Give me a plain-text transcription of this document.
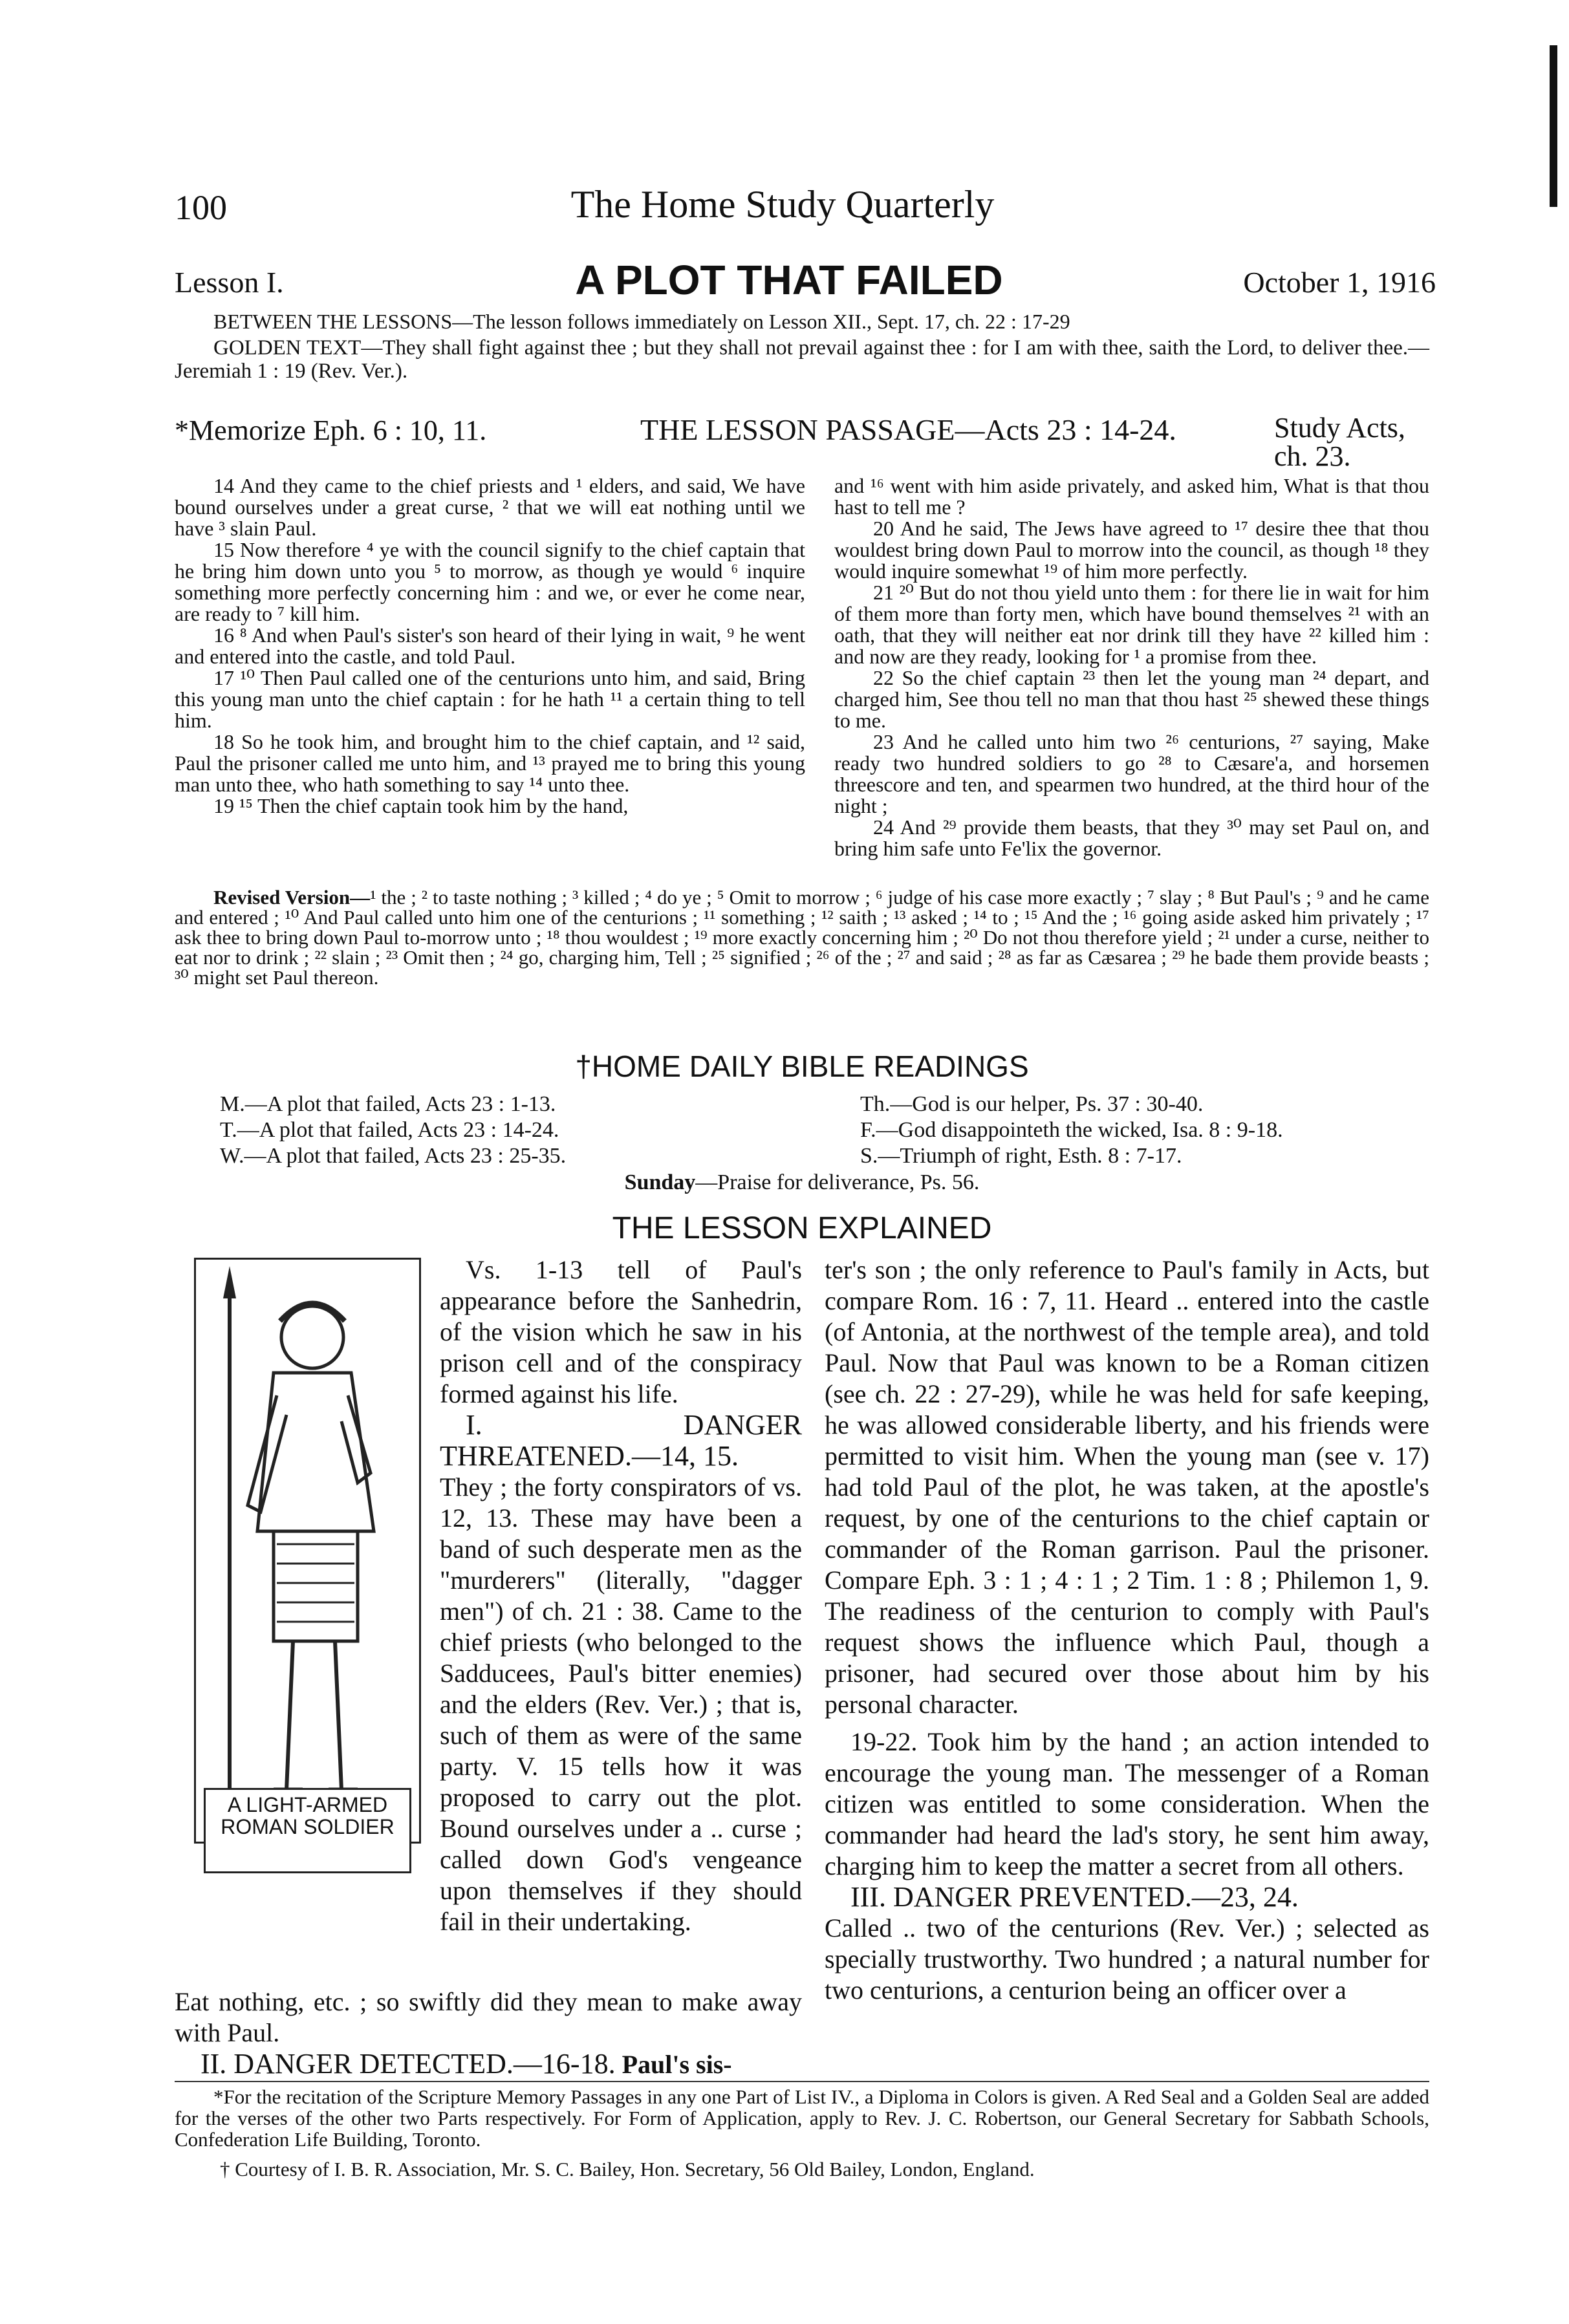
100	The Home Study Quarterly
Lesson I.	A PLOT THAT FAILED	October 1, 1916
BETWEEN THE LESSONS—The lesson follows immediately on Lesson XII., Sept. 17, ch. 22 : 17-29
GOLDEN TEXT—They shall fight against thee ; but they shall not prevail against thee : for I am with thee, saith the Lord, to deliver thee.—Jeremiah 1 : 19 (Rev. Ver.).
*Memorize Eph. 6 : 10, 11.	THE LESSON PASSAGE—Acts 23 : 14-24.	Study Acts, ch. 23.

14 And they came to the chief priests and ¹ elders, and said, We have bound ourselves under a great curse, ² that we will eat nothing until we have ³ slain Paul.

15 Now therefore ⁴ ye with the council signify to the chief captain that he bring him down unto you ⁵ to morrow, as though ye would ⁶ inquire something more perfectly concerning him : and we, or ever he come near, are ready to ⁷ kill him.

16 ⁸ And when Paul's sister's son heard of their lying in wait, ⁹ he went and entered into the castle, and told Paul.

17 ¹⁰ Then Paul called one of the centurions unto him, and said, Bring this young man unto the chief captain : for he hath ¹¹ a certain thing to tell him.

18 So he took him, and brought him to the chief captain, and ¹² said, Paul the prisoner called me unto him, and ¹³ prayed me to bring this young man unto thee, who hath something to say ¹⁴ unto thee.

19 ¹⁵ Then the chief captain took him by the hand,

and ¹⁶ went with him aside privately, and asked him, What is that thou hast to tell me ?

20 And he said, The Jews have agreed to ¹⁷ desire thee that thou wouldest bring down Paul to morrow into the council, as though ¹⁸ they would inquire somewhat ¹⁹ of him more perfectly.

21 ²⁰ But do not thou yield unto them : for there lie in wait for him of them more than forty men, which have bound themselves ²¹ with an oath, that they will neither eat nor drink till they have ²² killed him : and now are they ready, looking for ¹ a promise from thee.

22 So the chief captain ²³ then let the young man ²⁴ depart, and charged him, See thou tell no man that thou hast ²⁵ shewed these things to me.

23 And he called unto him two ²⁶ centurions, ²⁷ saying, Make ready two hundred soldiers to go ²⁸ to Cæsare'a, and horsemen threescore and ten, and spearmen two hundred, at the third hour of the night ;

24 And ²⁹ provide them beasts, that they ³⁰ may set Paul on, and bring him safe unto Fe'lix the governor.

Revised Version—¹ the ; ² to taste nothing ; ³ killed ; ⁴ do ye ; ⁵ Omit to morrow ; ⁶ judge of his case more exactly ; ⁷ slay ; ⁸ But Paul's ; ⁹ and he came and entered ; ¹⁰ And Paul called unto him one of the centurions ; ¹¹ something ; ¹² saith ; ¹³ asked ; ¹⁴ to ; ¹⁵ And the ; ¹⁶ going aside asked him privately ; ¹⁷ ask thee to bring down Paul to-morrow unto ; ¹⁸ thou wouldest ; ¹⁹ more exactly concerning him ; ²⁰ Do not thou therefore yield ; ²¹ under a curse, neither to eat nor to drink ; ²² slain ; ²³ Omit then ; ²⁴ go, charging him, Tell ; ²⁵ signified ; ²⁶ of the ; ²⁷ and said ; ²⁸ as far as Cæsarea ; ²⁹ he bade them provide beasts ; ³⁰ might set Paul thereon.
†HOME DAILY BIBLE READINGS
M.—A plot that failed, Acts 23 : 1-13.
T.—A plot that failed, Acts 23 : 14-24.
W.—A plot that failed, Acts 23 : 25-35.
Th.—God is our helper, Ps. 37 : 30-40.
F.—God disappointeth the wicked, Isa. 8 : 9-18.
S.—Triumph of right, Esth. 8 : 7-17.
Sunday—Praise for deliverance, Ps. 56.
THE LESSON EXPLAINED
A LIGHT-ARMED ROMAN SOLDIER

Vs. 1-13 tell of Paul's appearance before the Sanhedrin, of the vision which he saw in his prison cell and of the conspiracy formed against his life.

I. DANGER THREATENED.—14, 15.

They ; the forty conspirators of vs. 12, 13. These may have been a band of such desperate men as the "murderers" (literally, "dagger men") of ch. 21 : 38. Came to the chief priests (who belonged to the Sadducees, Paul's bitter enemies) and the elders (Rev. Ver.) ; that is, such of them as were of the same party. V. 15 tells how it was proposed to carry out the plot. Bound ourselves under a .. curse ; called down God's vengeance upon themselves if they should fail in their undertaking.

Eat nothing, etc. ; so swiftly did they mean to make away with Paul.

II. DANGER DETECTED.—16-18. Paul's sis-

ter's son ; the only reference to Paul's family in Acts, but compare Rom. 16 : 7, 11. Heard .. entered into the castle (of Antonia, at the northwest of the temple area), and told Paul. Now that Paul was known to be a Roman citizen (see ch. 22 : 27-29), while he was held for safe keeping, he was allowed considerable liberty, and his friends were permitted to visit him. When the young man (see v. 17) had told Paul of the plot, he was taken, at the apostle's request, by one of the centurions to the chief captain or commander of the Roman garrison. Paul the prisoner. Compare Eph. 3 : 1 ; 4 : 1 ; 2 Tim. 1 : 8 ; Philemon 1, 9. The readiness of the centurion to comply with Paul's request shows the influence which Paul, though a prisoner, had secured over those about him by his personal character.

19-22. Took him by the hand ; an action intended to encourage the young man. The messenger of a Roman citizen was entitled to some consideration. When the commander had heard the lad's story, he sent him away, charging him to keep the matter a secret from all others.

III. DANGER PREVENTED.—23, 24.

Called .. two of the centurions (Rev. Ver.) ; selected as specially trustworthy. Two hundred ; a natural number for two centurions, a centurion being an officer over a

*For the recitation of the Scripture Memory Passages in any one Part of List IV., a Diploma in Colors is given. A Red Seal and a Golden Seal are added for the verses of the other two Parts respectively. For Form of Application, apply to Rev. J. C. Robertson, our General Secretary for Sabbath Schools, Confederation Life Building, Toronto.
† Courtesy of I. B. R. Association, Mr. S. C. Bailey, Hon. Secretary, 56 Old Bailey, London, England.
